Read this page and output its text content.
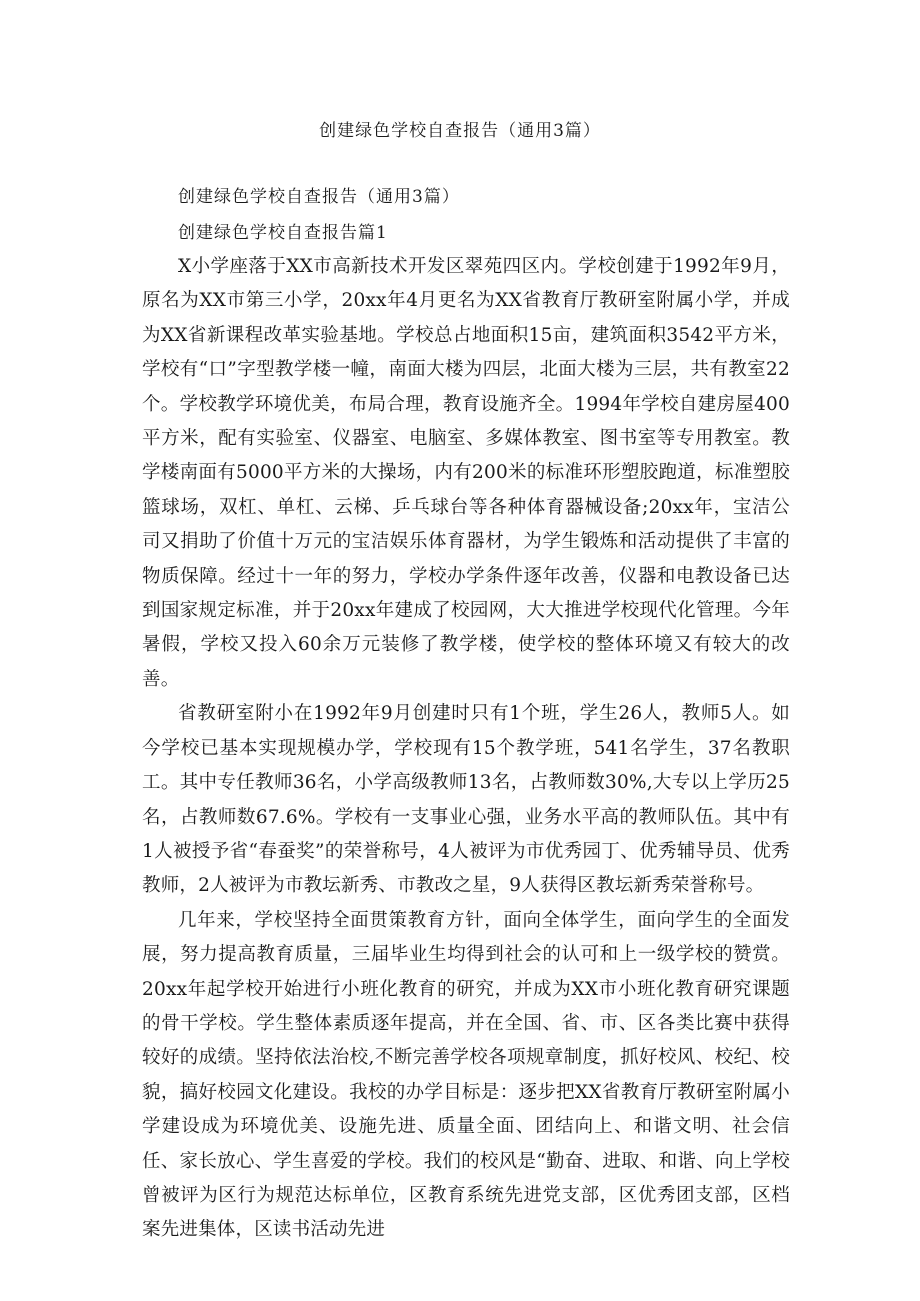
创建绿色学校自查报告（通用3篇）

创建绿色学校自查报告（通用3篇）

创建绿色学校自查报告篇1

X小学座落于XX市高新技术开发区翠苑四区内。学校创建于1992年9月，原名为XX市第三小学，20xx年4月更名为XX省教育厅教研室附属小学，并成为XX省新课程改革实验基地。学校总占地面积15亩，建筑面积3542平方米，学校有“口”字型教学楼一幢，南面大楼为四层，北面大楼为三层，共有教室22个。学校教学环境优美，布局合理，教育设施齐全。1994年学校自建房屋400平方米，配有实验室、仪器室、电脑室、多媒体教室、图书室等专用教室。教学楼南面有5000平方米的大操场，内有200米的标准环形塑胶跑道，标准塑胶篮球场，双杠、单杠、云梯、乒乓球台等各种体育器械设备;20xx年，宝洁公司又捐助了价值十万元的宝洁娱乐体育器材，为学生锻炼和活动提供了丰富的物质保障。经过十一年的努力，学校办学条件逐年改善，仪器和电教设备已达到国家规定标准，并于20xx年建成了校园网，大大推进学校现代化管理。今年暑假，学校又投入60余万元装修了教学楼，使学校的整体环境又有较大的改善。

省教研室附小在1992年9月创建时只有1个班，学生26人，教师5人。如今学校已基本实现规模办学，学校现有15个教学班，541名学生，37名教职工。其中专任教师36名，小学高级教师13名，占教师数30%,大专以上学历25名，占教师数67.6%。学校有一支事业心强，业务水平高的教师队伍。其中有1人被授予省“春蚕奖”的荣誉称号，4人被评为市优秀园丁、优秀辅导员、优秀教师，2人被评为市教坛新秀、市教改之星，9人获得区教坛新秀荣誉称号。

几年来，学校坚持全面贯策教育方针，面向全体学生，面向学生的全面发展，努力提高教育质量，三届毕业生均得到社会的认可和上一级学校的赞赏。20xx年起学校开始进行小班化教育的研究，并成为XX市小班化教育研究课题的骨干学校。学生整体素质逐年提高，并在全国、省、市、区各类比赛中获得较好的成绩。坚持依法治校,不断完善学校各项规章制度，抓好校风、校纪、校貌，搞好校园文化建设。我校的办学目标是：逐步把XX省教育厅教研室附属小学建设成为环境优美、设施先进、质量全面、团结向上、和谐文明、社会信任、家长放心、学生喜爱的学校。我们的校风是“勤奋、进取、和谐、向上学校曾被评为区行为规范达标单位，区教育系统先进党支部，区优秀团支部，区档案先进集体，区读书活动先进
